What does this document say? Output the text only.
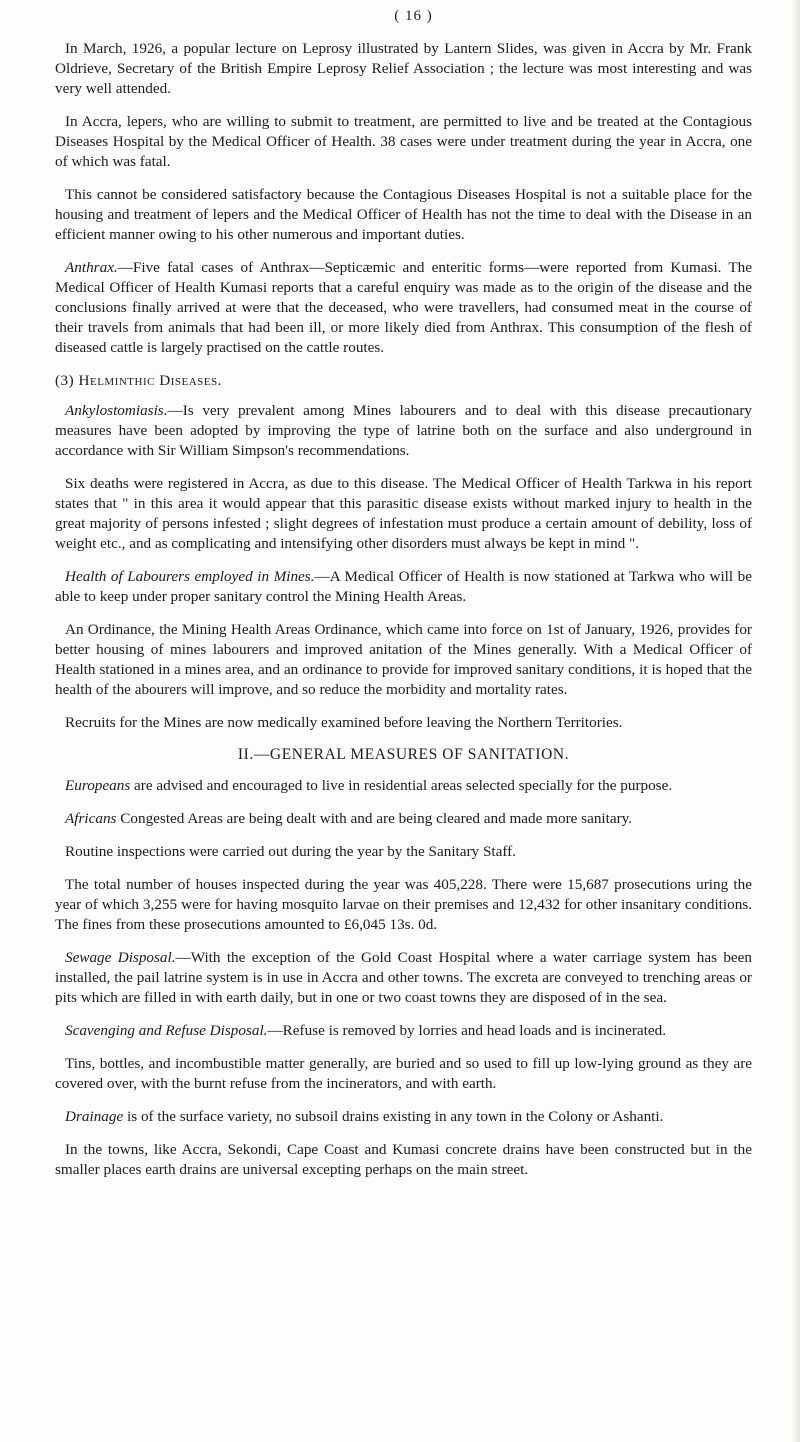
( 16 )

In March, 1926, a popular lecture on Leprosy illustrated by Lantern Slides, was given in Accra by Mr. Frank Oldrieve, Secretary of the British Empire Leprosy Relief Association ; the lecture was most interesting and was very well attended.

In Accra, lepers, who are willing to submit to treatment, are permitted to live and be treated at the Contagious Diseases Hospital by the Medical Officer of Health. 38 cases were under treatment during the year in Accra, one of which was fatal.

This cannot be considered satisfactory because the Contagious Diseases Hospital is not a suitable place for the housing and treatment of lepers and the Medical Officer of Health has not the time to deal with the Disease in an efficient manner owing to his other numerous and important duties.

Anthrax.—Five fatal cases of Anthrax—Septicæmic and enteritic forms—were reported from Kumasi. The Medical Officer of Health Kumasi reports that a careful enquiry was made as to the origin of the disease and the conclusions finally arrived at were that the deceased, who were travellers, had consumed meat in the course of their travels from animals that had been ill, or more likely died from Anthrax. This consumption of the flesh of diseased cattle is largely practised on the cattle routes.

(3) Helminthic Diseases.

Ankylostomiasis.—Is very prevalent among Mines labourers and to deal with this disease precautionary measures have been adopted by improving the type of latrine both on the surface and also underground in accordance with Sir William Simpson's recommendations.

Six deaths were registered in Accra, as due to this disease. The Medical Officer of Health Tarkwa in his report states that " in this area it would appear that this parasitic disease exists without marked injury to health in the great majority of persons infested ; slight degrees of infestation must produce a certain amount of debility, loss of weight etc., and as complicating and intensifying other disorders must always be kept in mind ".

Health of Labourers employed in Mines.—A Medical Officer of Health is now stationed at Tarkwa who will be able to keep under proper sanitary control the Mining Health Areas.

An Ordinance, the Mining Health Areas Ordinance, which came into force on 1st of January, 1926, provides for better housing of mines labourers and improved anitation of the Mines generally. With a Medical Officer of Health stationed in a mines area, and an ordinance to provide for improved sanitary conditions, it is hoped that the health of the abourers will improve, and so reduce the morbidity and mortality rates.

Recruits for the Mines are now medically examined before leaving the Northern Territories.

II.—GENERAL MEASURES OF SANITATION.

Europeans are advised and encouraged to live in residential areas selected specially for the purpose.

Africans Congested Areas are being dealt with and are being cleared and made more sanitary.

Routine inspections were carried out during the year by the Sanitary Staff.

The total number of houses inspected during the year was 405,228. There were 15,687 prosecutions uring the year of which 3,255 were for having mosquito larvae on their premises and 12,432 for other insanitary conditions. The fines from these prosecutions amounted to £6,045 13s. 0d.

Sewage Disposal.—With the exception of the Gold Coast Hospital where a water carriage system has been installed, the pail latrine system is in use in Accra and other towns. The excreta are conveyed to trenching areas or pits which are filled in with earth daily, but in one or two coast towns they are disposed of in the sea.

Scavenging and Refuse Disposal.—Refuse is removed by lorries and head loads and is incinerated.

Tins, bottles, and incombustible matter generally, are buried and so used to fill up low-lying ground as they are covered over, with the burnt refuse from the incinerators, and with earth.

Drainage is of the surface variety, no subsoil drains existing in any town in the Colony or Ashanti.

In the towns, like Accra, Sekondi, Cape Coast and Kumasi concrete drains have been constructed but in the smaller places earth drains are universal excepting perhaps on the main street.
